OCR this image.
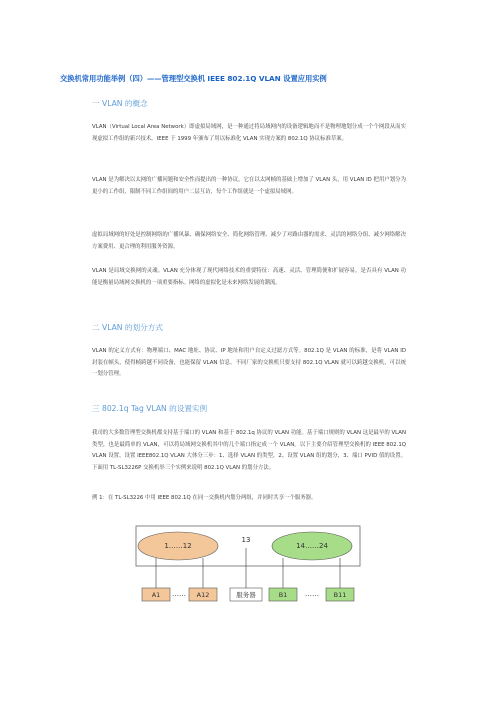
交换机常用功能举例（四）——管理型交换机 IEEE 802.1Q VLAN 设置应用实例
一 VLAN 的概念

VLAN（Virtual Local Area Network）即虚拟局域网，是一种通过将局域网内的设备逻辑地而不是物理地划分成一个个网段从而实现虚拟工作组的新兴技术。IEEE 于 1999 年颁布了用以标准化 VLAN 实现方案的 802.1Q 协议标准草案。

VLAN 是为解决以太网的广播问题和安全性而提出的一种协议，它在以太网帧的基础上增加了 VLAN 头，用 VLAN ID 把用户划分为更小的工作组，限制不同工作组间的用户二层互访，每个工作组就是一个虚拟局域网。

虚拟局域网的好处是控制网络的广播风暴、确保网络安全、简化网络管理、减少了对路由器的需求、灵活的网络分组、减少网络解决方案费用、更合理的利用服务资源。

VLAN 是局域交换网的灵魂。VLAN 充分体现了现代网络技术的重要特征：高速、灵活、管理简便和扩展容易。是否具有 VLAN 功能是衡量局域网交换机的一项重要指标。网络的虚拟化是未来网络发展的潮流。

二 VLAN 的划分方式

VLAN 的定义方式有：物理端口、MAC 地址、协议、IP 地址和用户自定义过滤方式等。802.1Q 是 VLAN 的标准，是将 VLAN ID 封装在帧头，使得帧跨越不同设备，也能保留 VLAN 信息。不同厂家的交换机只要支持 802.1Q VLAN 就可以跨越交换机，可以统一划分管理。

三 802.1q Tag VLAN 的设置实例

我司的大多数管理型交换机都支持基于端口的 VLAN 和基于 802.1q 协议的 VLAN 功能。基于端口规则的 VLAN 这是最早的 VLAN 类型，也是最简单的 VLAN，可以将局域网交换机其中的几个端口指定成一个 VLAN。以下主要介绍管理型交换机的 IEEE 802.1Q VLAN 设置，设置 IEEE802.1Q VLAN 大体分三步：1、选择 VLAN 的类型，2、设置 VLAN 组的划分，3、端口 PVID 值的设置。下面用 TL-SL3226P 交换机举三个实例来说明 802.1Q VLAN 的划分方法。

例 1：在 TL-SL3226 中用 IEEE 802.1Q 在同一交换机内划分两组，并同时共享一个服务器。

1……12
13
14……24
A1 …… A12	服务器	B1	…… B11
